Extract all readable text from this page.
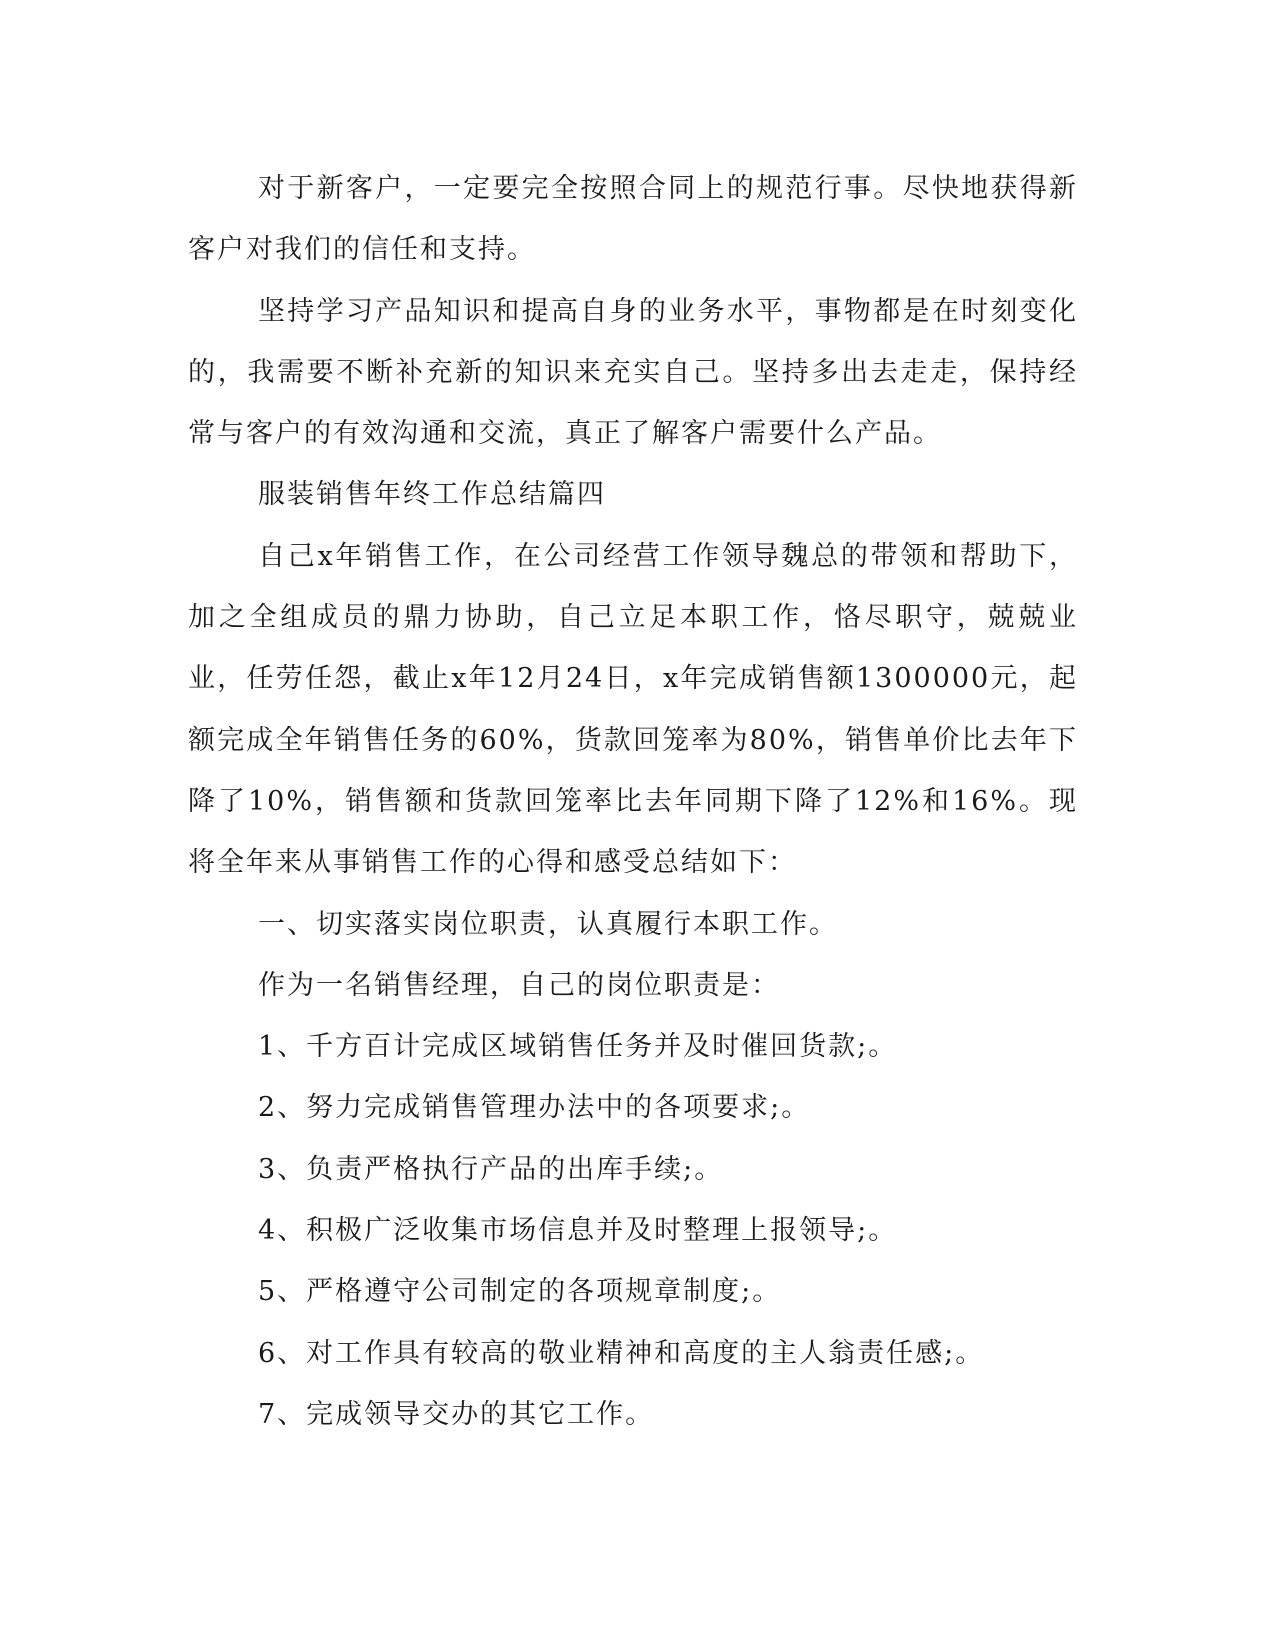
对于新客户，一定要完全按照合同上的规范行事。尽快地获得新客户对我们的信任和支持。

坚持学习产品知识和提高自身的业务水平，事物都是在时刻变化的，我需要不断补充新的知识来充实自己。坚持多出去走走，保持经常与客户的有效沟通和交流，真正了解客户需要什么产品。

服装销售年终工作总结篇四

自己x年销售工作，在公司经营工作领导魏总的带领和帮助下，加之全组成员的鼎力协助，自己立足本职工作，恪尽职守，兢兢业业，任劳任怨，截止x年12月24日，x年完成销售额1300000元，起额完成全年销售任务的60%，货款回笼率为80%，销售单价比去年下降了10%，销售额和货款回笼率比去年同期下降了12%和16%。现将全年来从事销售工作的心得和感受总结如下：

一、切实落实岗位职责，认真履行本职工作。

作为一名销售经理，自己的岗位职责是：

1、千方百计完成区域销售任务并及时催回货款;。

2、努力完成销售管理办法中的各项要求;。

3、负责严格执行产品的出库手续;。

4、积极广泛收集市场信息并及时整理上报领导;。

5、严格遵守公司制定的各项规章制度;。

6、对工作具有较高的敬业精神和高度的主人翁责任感;。

7、完成领导交办的其它工作。
